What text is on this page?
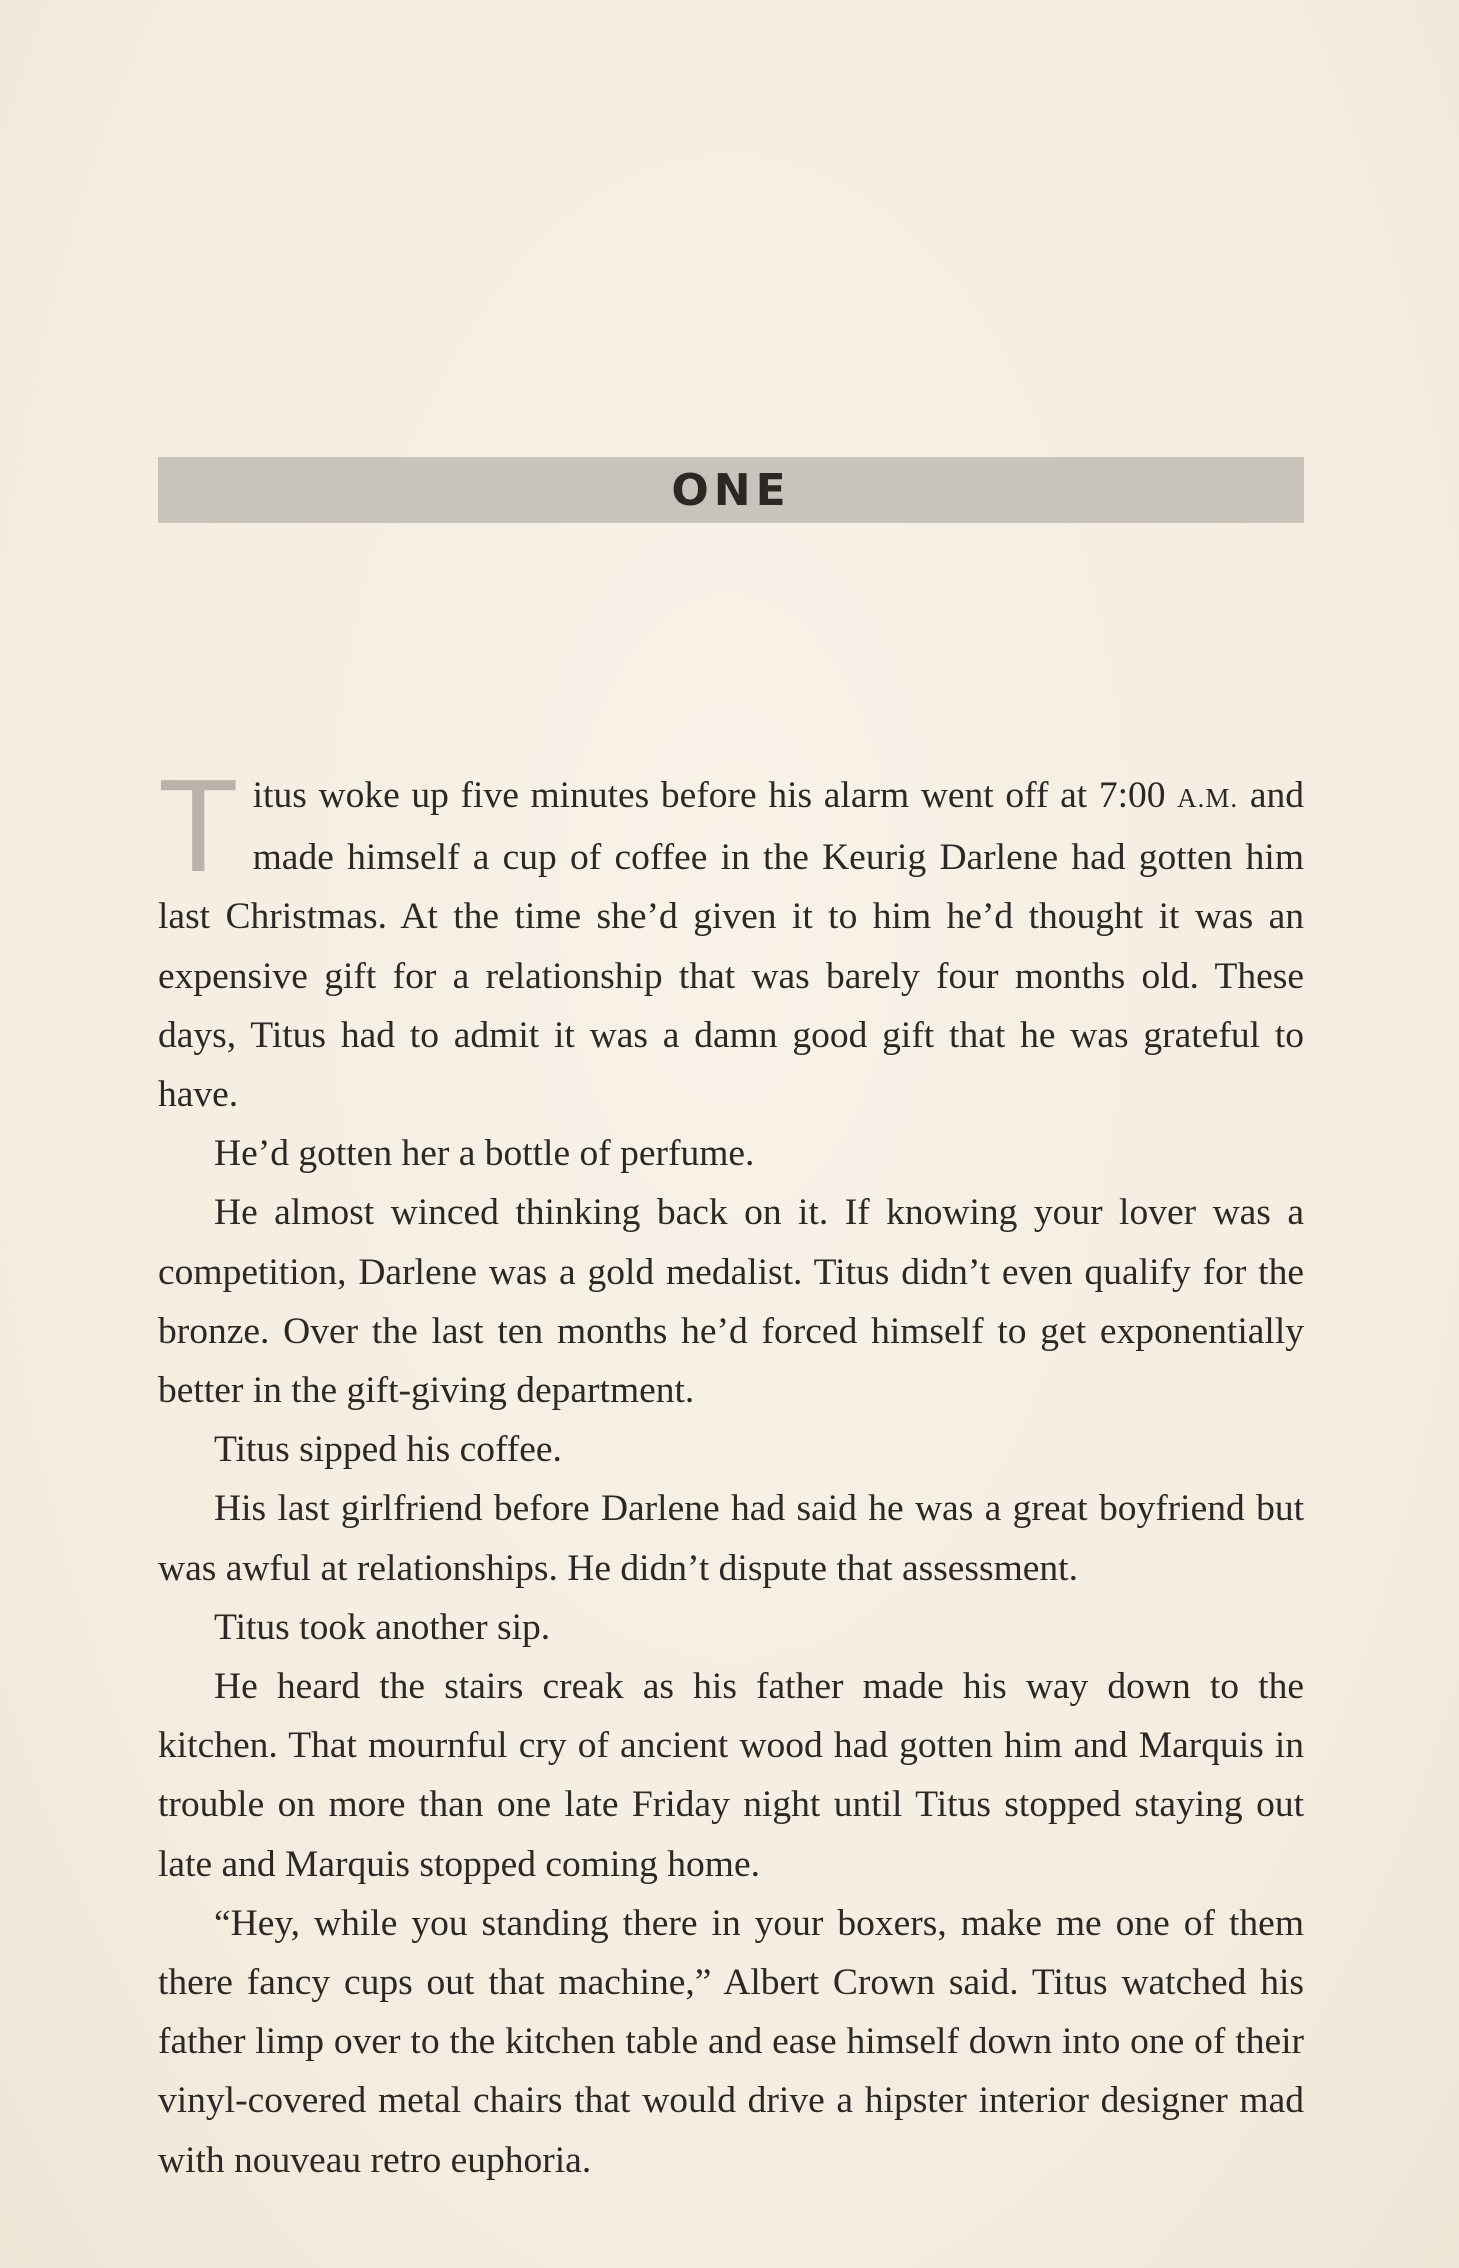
ONE

Titus woke up five minutes before his alarm went off at 7:00 A.M. and made himself a cup of coffee in the Keurig Darlene had gotten him last Christmas. At the time she’d given it to him he’d thought it was an expensive gift for a relationship that was barely four months old. These days, Titus had to admit it was a damn good gift that he was grateful to have.

He’d gotten her a bottle of perfume.

He almost winced thinking back on it. If knowing your lover was a competition, Darlene was a gold medalist. Titus didn’t even qualify for the bronze. Over the last ten months he’d forced himself to get exponentially better in the gift-giving department.

Titus sipped his coffee.

His last girlfriend before Darlene had said he was a great boyfriend but was awful at relationships. He didn’t dispute that assessment.

Titus took another sip.

He heard the stairs creak as his father made his way down to the kitchen. That mournful cry of ancient wood had gotten him and Marquis in trouble on more than one late Friday night until Titus stopped staying out late and Marquis stopped coming home.

“Hey, while you standing there in your boxers, make me one of them there fancy cups out that machine,” Albert Crown said. Titus watched his father limp over to the kitchen table and ease himself down into one of their vinyl-covered metal chairs that would drive a hipster interior designer mad with nouveau retro euphoria.
